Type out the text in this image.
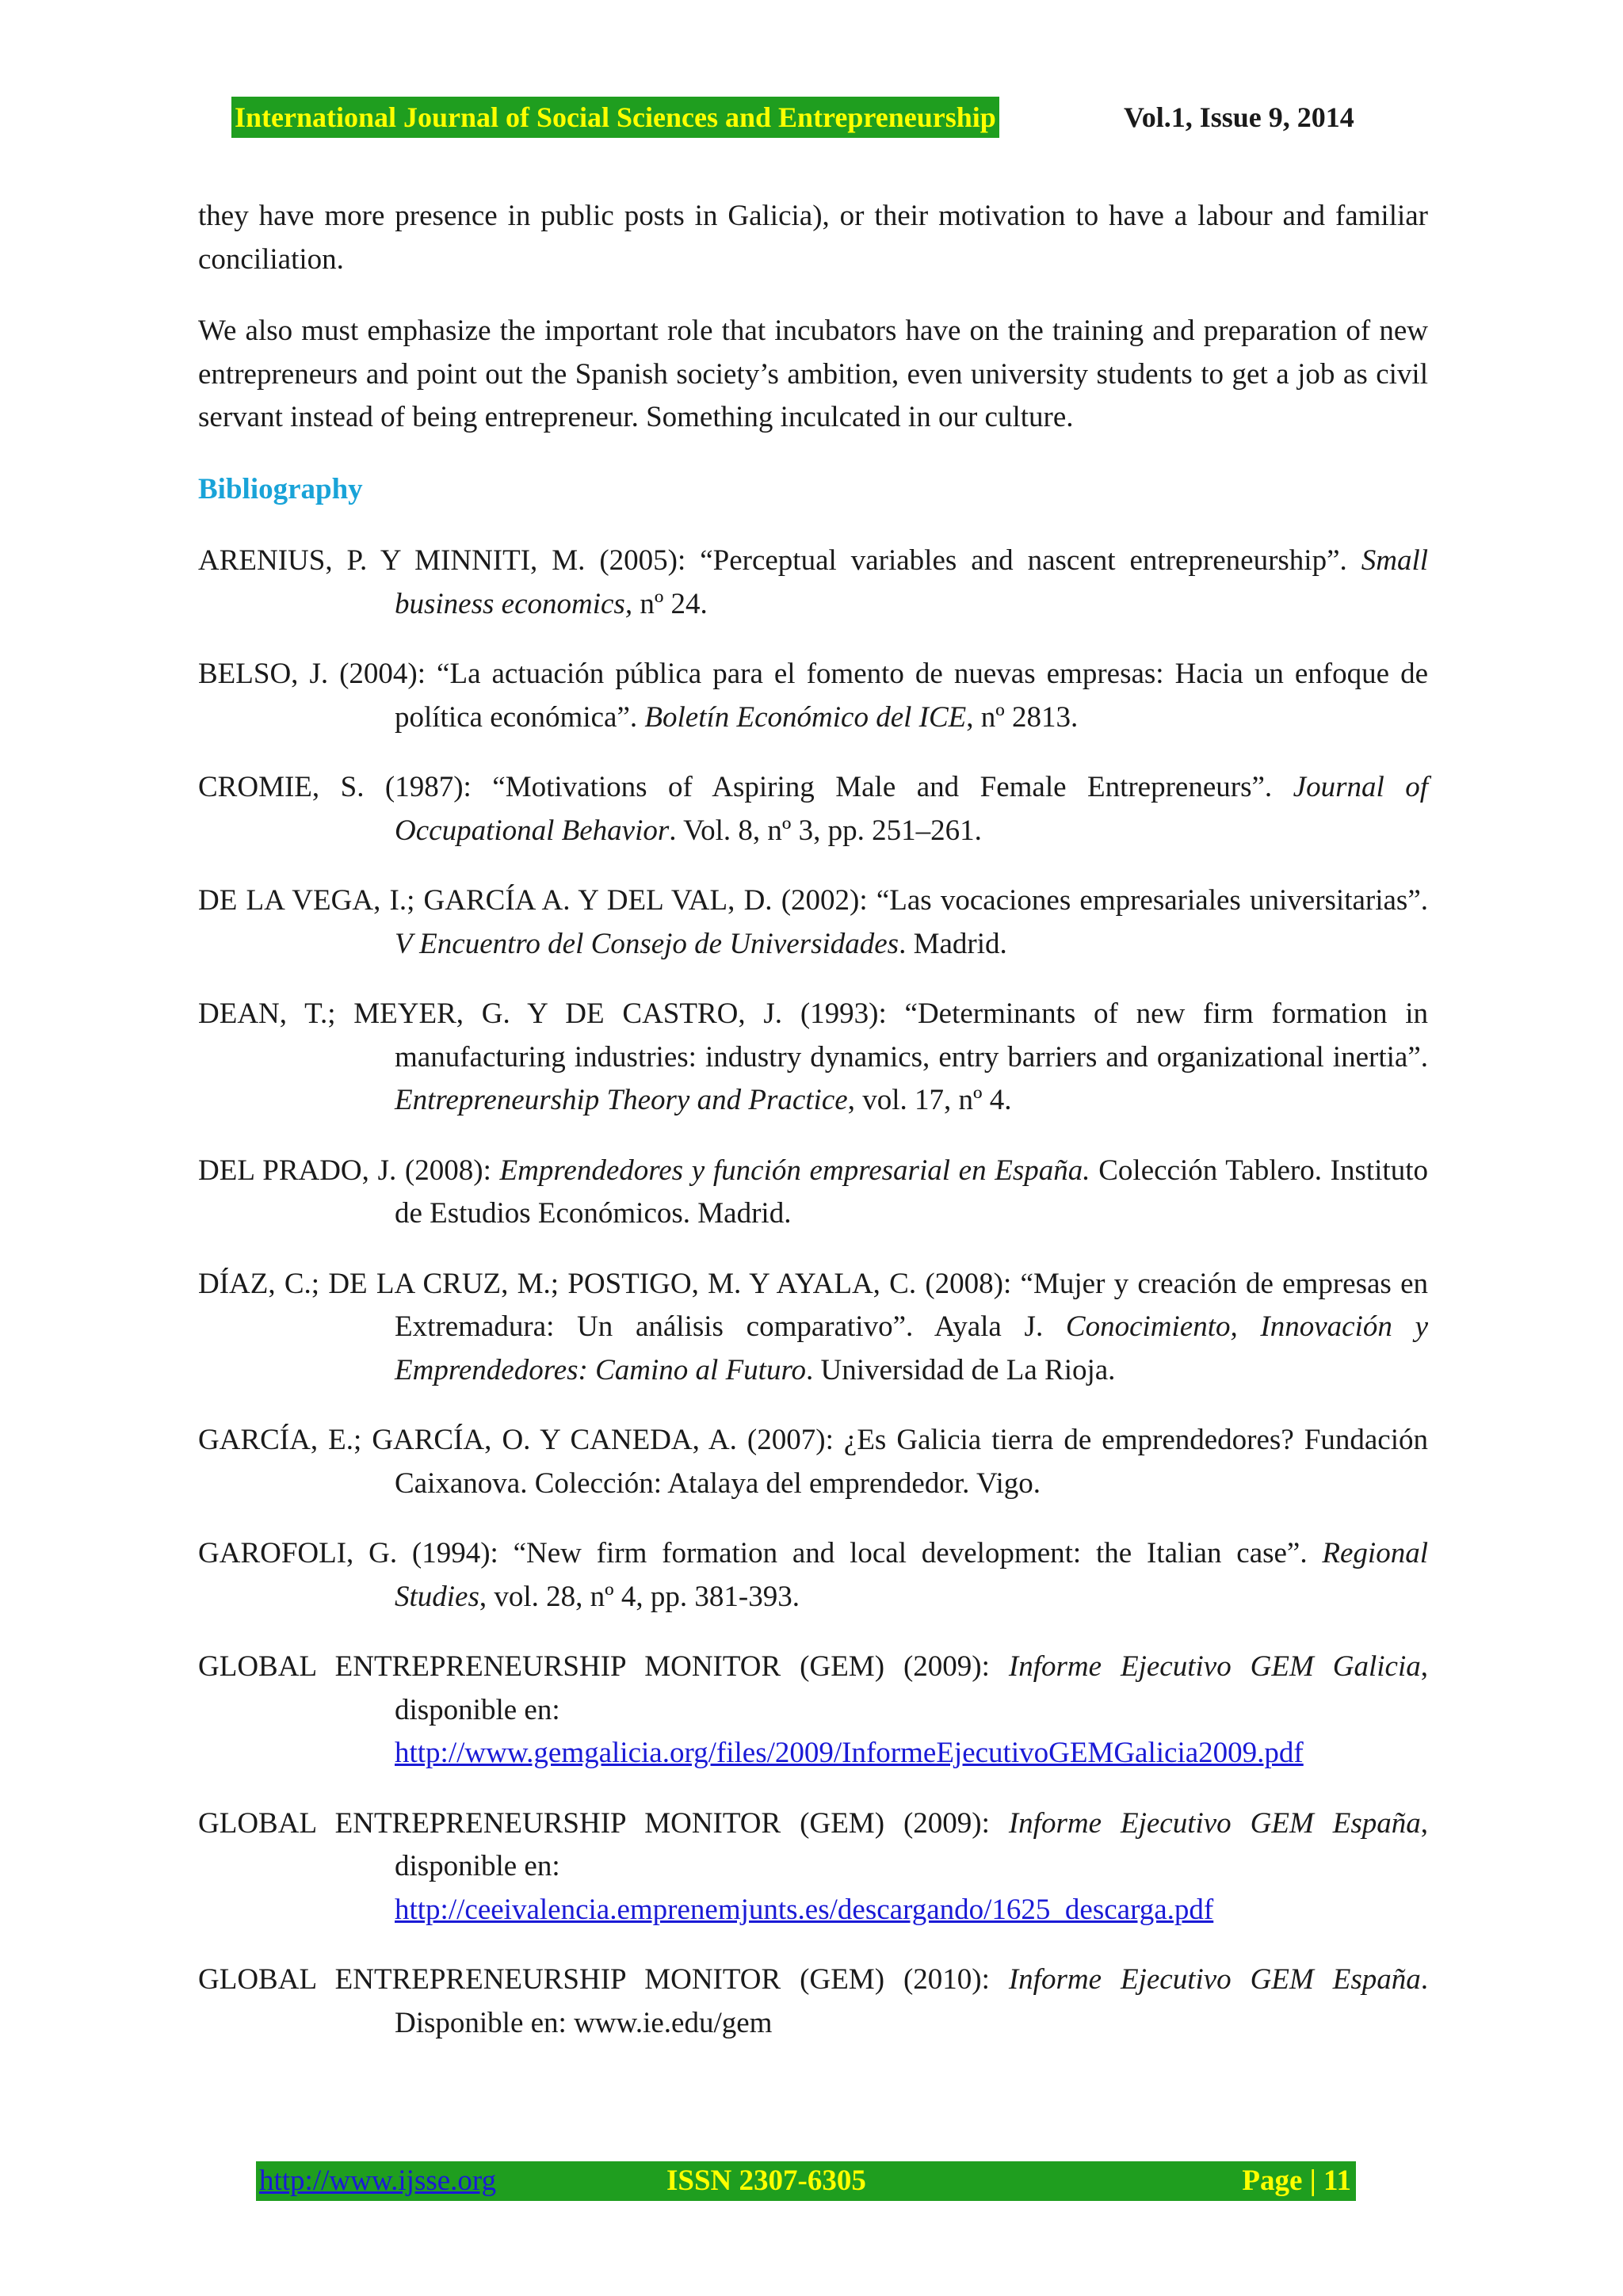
International Journal of Social Sciences and Entrepreneurship	Vol.1, Issue 9, 2014

they have more presence in public posts in Galicia), or their motivation to have a labour and familiar conciliation.

We also must emphasize the important role that incubators have on the training and preparation of new entrepreneurs and point out the Spanish society’s ambition, even university students to get a job as civil servant instead of being entrepreneur. Something inculcated in our culture.

Bibliography

ARENIUS, P. Y MINNITI, M. (2005): “Perceptual variables and nascent entrepreneurship”. Small business economics, nº 24.

BELSO, J. (2004): “La actuación pública para el fomento de nuevas empresas: Hacia un enfoque de política económica”. Boletín Económico del ICE, nº 2813.

CROMIE, S. (1987): “Motivations of Aspiring Male and Female Entrepreneurs”. Journal of Occupational Behavior. Vol. 8, nº 3, pp. 251–261.

DE LA VEGA, I.; GARCÍA A. Y DEL VAL, D. (2002): “Las vocaciones empresariales universitarias”. V Encuentro del Consejo de Universidades. Madrid.

DEAN, T.; MEYER, G. Y DE CASTRO, J. (1993): “Determinants of new firm formation in manufacturing industries: industry dynamics, entry barriers and organizational inertia”. Entrepreneurship Theory and Practice, vol. 17, nº 4.

DEL PRADO, J. (2008): Emprendedores y función empresarial en España. Colección Tablero. Instituto de Estudios Económicos. Madrid.

DÍAZ, C.; DE LA CRUZ, M.; POSTIGO, M. Y AYALA, C. (2008): “Mujer y creación de empresas en Extremadura: Un análisis comparativo”. Ayala J. Conocimiento, Innovación y Emprendedores: Camino al Futuro. Universidad de La Rioja.

GARCÍA, E.; GARCÍA, O. Y CANEDA, A. (2007): ¿Es Galicia tierra de emprendedores? Fundación Caixanova. Colección: Atalaya del emprendedor. Vigo.

GAROFOLI, G. (1994): “New firm formation and local development: the Italian case”. Regional Studies, vol. 28, nº 4, pp. 381-393.

GLOBAL ENTREPRENEURSHIP MONITOR (GEM) (2009): Informe Ejecutivo GEM Galicia, disponible en:
http://www.gemgalicia.org/files/2009/InformeEjecutivoGEMGalicia2009.pdf

GLOBAL ENTREPRENEURSHIP MONITOR (GEM) (2009): Informe Ejecutivo GEM España, disponible en:
http://ceeivalencia.emprenemjunts.es/descargando/1625_descarga.pdf

GLOBAL ENTREPRENEURSHIP MONITOR (GEM) (2010): Informe Ejecutivo GEM España. Disponible en: www.ie.edu/gem

http://www.ijsse.org	ISSN 2307-6305	Page | 11
